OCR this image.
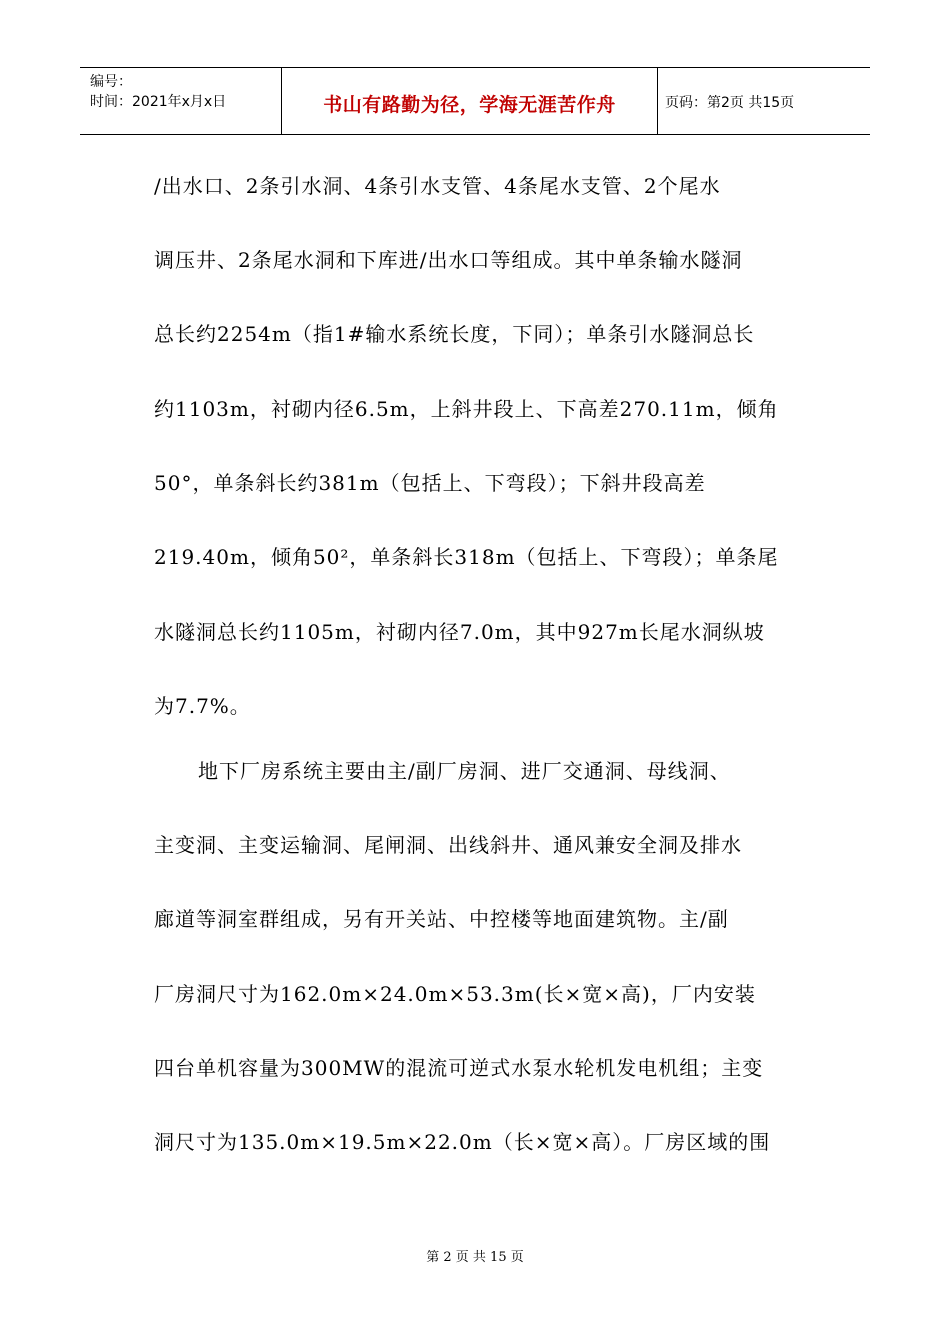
编号：
时间：2021年x月x日	书山有路勤为径，学海无涯苦作舟	页码：第2页 共15页
/出水口、2条引水洞、4条引水支管、4条尾水支管、2个尾水
调压井、2条尾水洞和下库进/出水口等组成。其中单条输水隧洞
总长约2254m（指1#输水系统长度，下同）；单条引水隧洞总长
约1103m，衬砌内径6.5m，上斜井段上、下高差270.11m，倾角
50°，单条斜长约381m（包括上、下弯段）；下斜井段高差
219.40m，倾角50²，单条斜长318m（包括上、下弯段）；单条尾
水隧洞总长约1105m，衬砌内径7.0m，其中927m长尾水洞纵坡
为7.7%。
地下厂房系统主要由主/副厂房洞、进厂交通洞、母线洞、
主变洞、主变运输洞、尾闸洞、出线斜井、通风兼安全洞及排水
廊道等洞室群组成，另有开关站、中控楼等地面建筑物。主/副
厂房洞尺寸为162.0m×24.0m×53.3m(长×宽×高)，厂内安装
四台单机容量为300MW的混流可逆式水泵水轮机发电机组；主变
洞尺寸为135.0m×19.5m×22.0m（长×宽×高）。厂房区域的围
第 2 页 共 15 页
